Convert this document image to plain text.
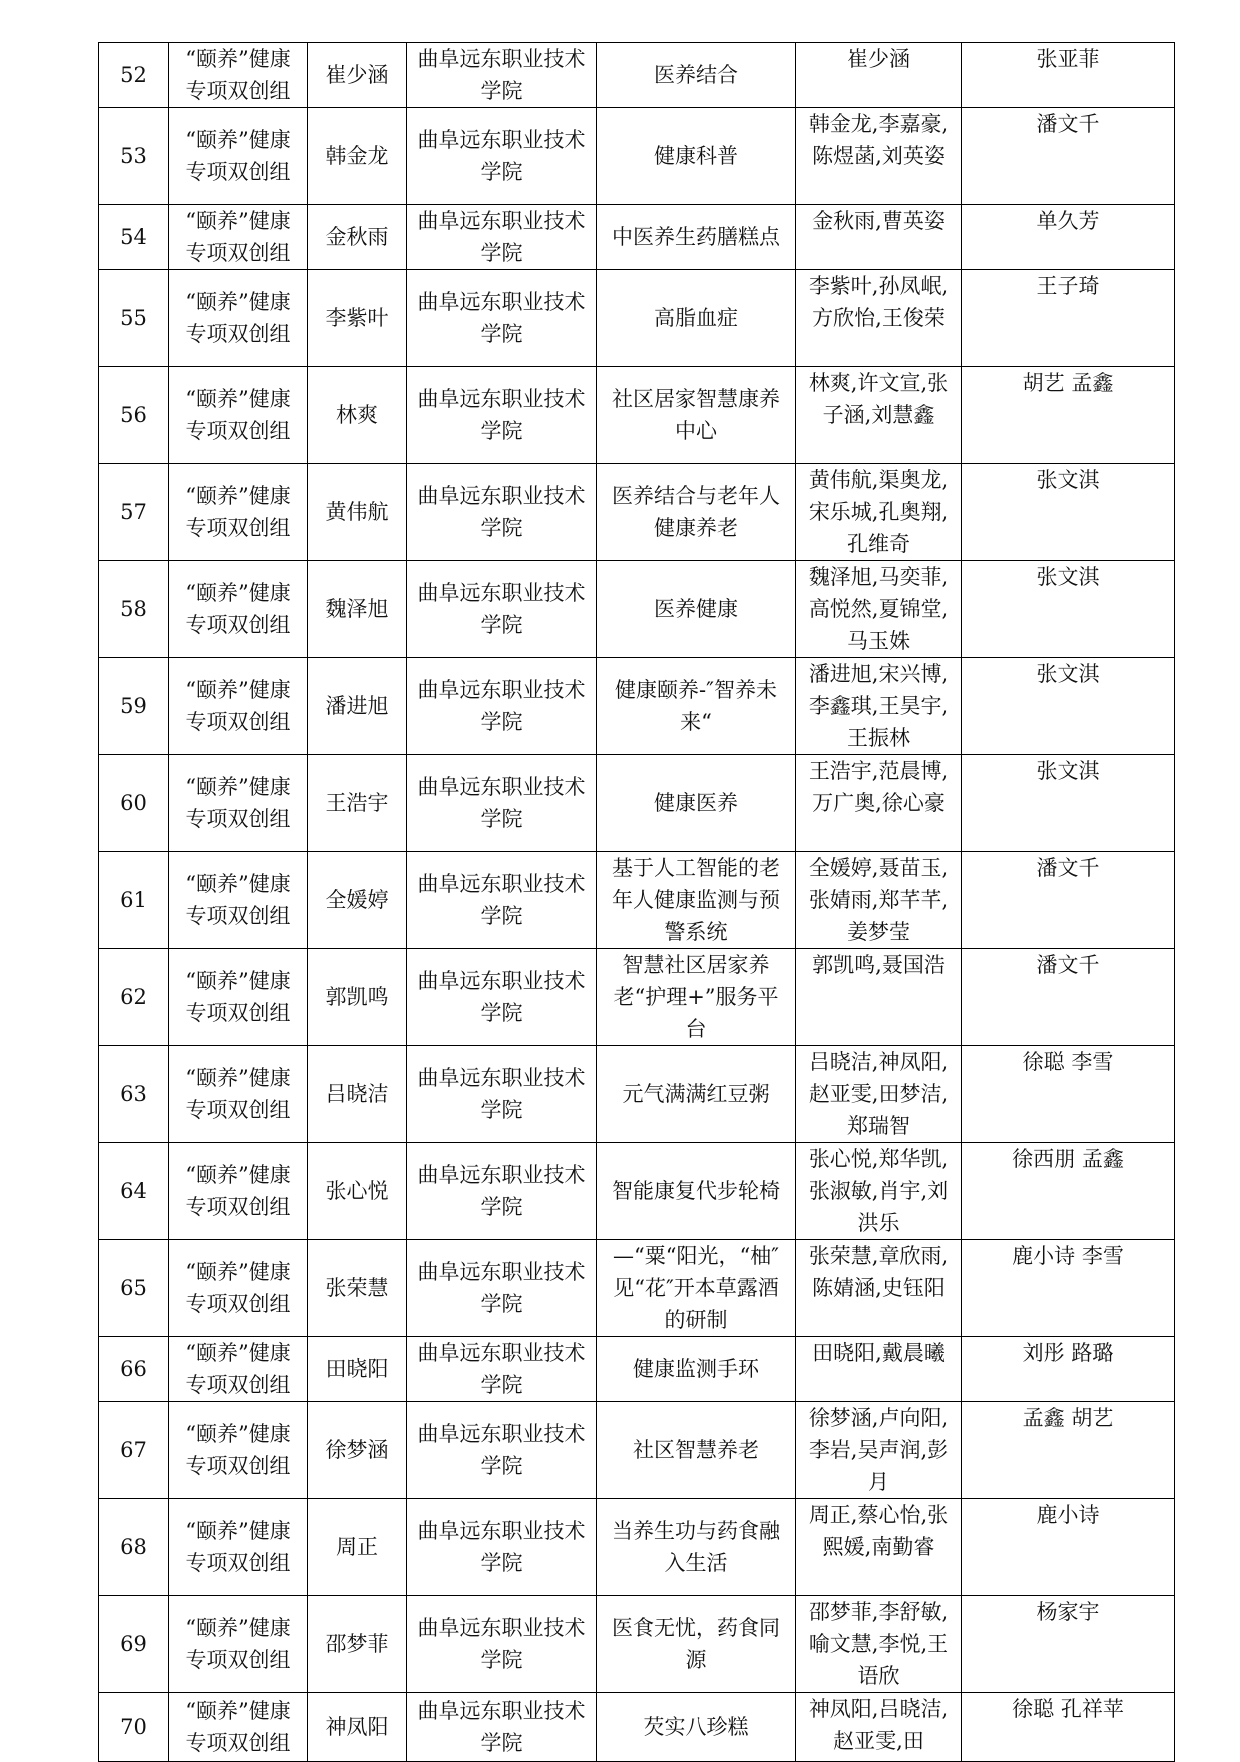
52	“颐养”健康专项双创组	崔少涵	曲阜远东职业技术学院	医养结合	崔少涵	张亚菲
53	“颐养”健康专项双创组	韩金龙	曲阜远东职业技术学院	健康科普	韩金龙,李嘉豪,陈煜菡,刘英姿	潘文千
54	“颐养”健康专项双创组	金秋雨	曲阜远东职业技术学院	中医养生药膳糕点	金秋雨,曹英姿	单久芳
55	“颐养”健康专项双创组	李紫叶	曲阜远东职业技术学院	高脂血症	李紫叶,孙凤岷,方欣怡,王俊荣	王子琦
56	“颐养”健康专项双创组	林爽	曲阜远东职业技术学院	社区居家智慧康养中心	林爽,许文宣,张子涵,刘慧鑫	胡艺 孟鑫
57	“颐养”健康专项双创组	黄伟航	曲阜远东职业技术学院	医养结合与老年人健康养老	黄伟航,渠奥龙,宋乐城,孔奥翔,孔维奇	张文淇
58	“颐养”健康专项双创组	魏泽旭	曲阜远东职业技术学院	医养健康	魏泽旭,马奕菲,高悦然,夏锦堂,马玉姝	张文淇
59	“颐养”健康专项双创组	潘进旭	曲阜远东职业技术学院	健康颐养-″智养未来“	潘进旭,宋兴博,李鑫琪,王昊宇,王振林	张文淇
60	“颐养”健康专项双创组	王浩宇	曲阜远东职业技术学院	健康医养	王浩宇,范晨博,万广奥,徐心豪	张文淇
61	“颐养”健康专项双创组	全媛婷	曲阜远东职业技术学院	基于人工智能的老年人健康监测与预警系统	全媛婷,聂苗玉,张婧雨,郑芊芊,姜梦莹	潘文千
62	“颐养”健康专项双创组	郭凯鸣	曲阜远东职业技术学院	智慧社区居家养老“护理+”服务平台	郭凯鸣,聂国浩	潘文千
63	“颐养”健康专项双创组	吕晓洁	曲阜远东职业技术学院	元气满满红豆粥	吕晓洁,神凤阳,赵亚雯,田梦洁,郑瑞智	徐聪 李雪
64	“颐养”健康专项双创组	张心悦	曲阜远东职业技术学院	智能康复代步轮椅	张心悦,郑华凯,张淑敏,肖宇,刘洪乐	徐西朋 孟鑫
65	“颐养”健康专项双创组	张荣慧	曲阜远东职业技术学院	—“粟“阳光，“柚″见“花″开本草露酒的研制	张荣慧,章欣雨,陈婧涵,史钰阳	鹿小诗 李雪
66	“颐养”健康专项双创组	田晓阳	曲阜远东职业技术学院	健康监测手环	田晓阳,戴晨曦	刘彤 路璐
67	“颐养”健康专项双创组	徐梦涵	曲阜远东职业技术学院	社区智慧养老	徐梦涵,卢向阳,李岩,吴声润,彭月	孟鑫 胡艺
68	“颐养”健康专项双创组	周正	曲阜远东职业技术学院	当养生功与药食融入生活	周正,蔡心怡,张熙媛,南勤睿	鹿小诗
69	“颐养”健康专项双创组	邵梦菲	曲阜远东职业技术学院	医食无忧，药食同源	邵梦菲,李舒敏,喻文慧,李悦,王语欣	杨家宇
70	“颐养”健康专项双创组	神凤阳	曲阜远东职业技术学院	芡实八珍糕	神凤阳,吕晓洁,赵亚雯,田	徐聪 孔祥苹
